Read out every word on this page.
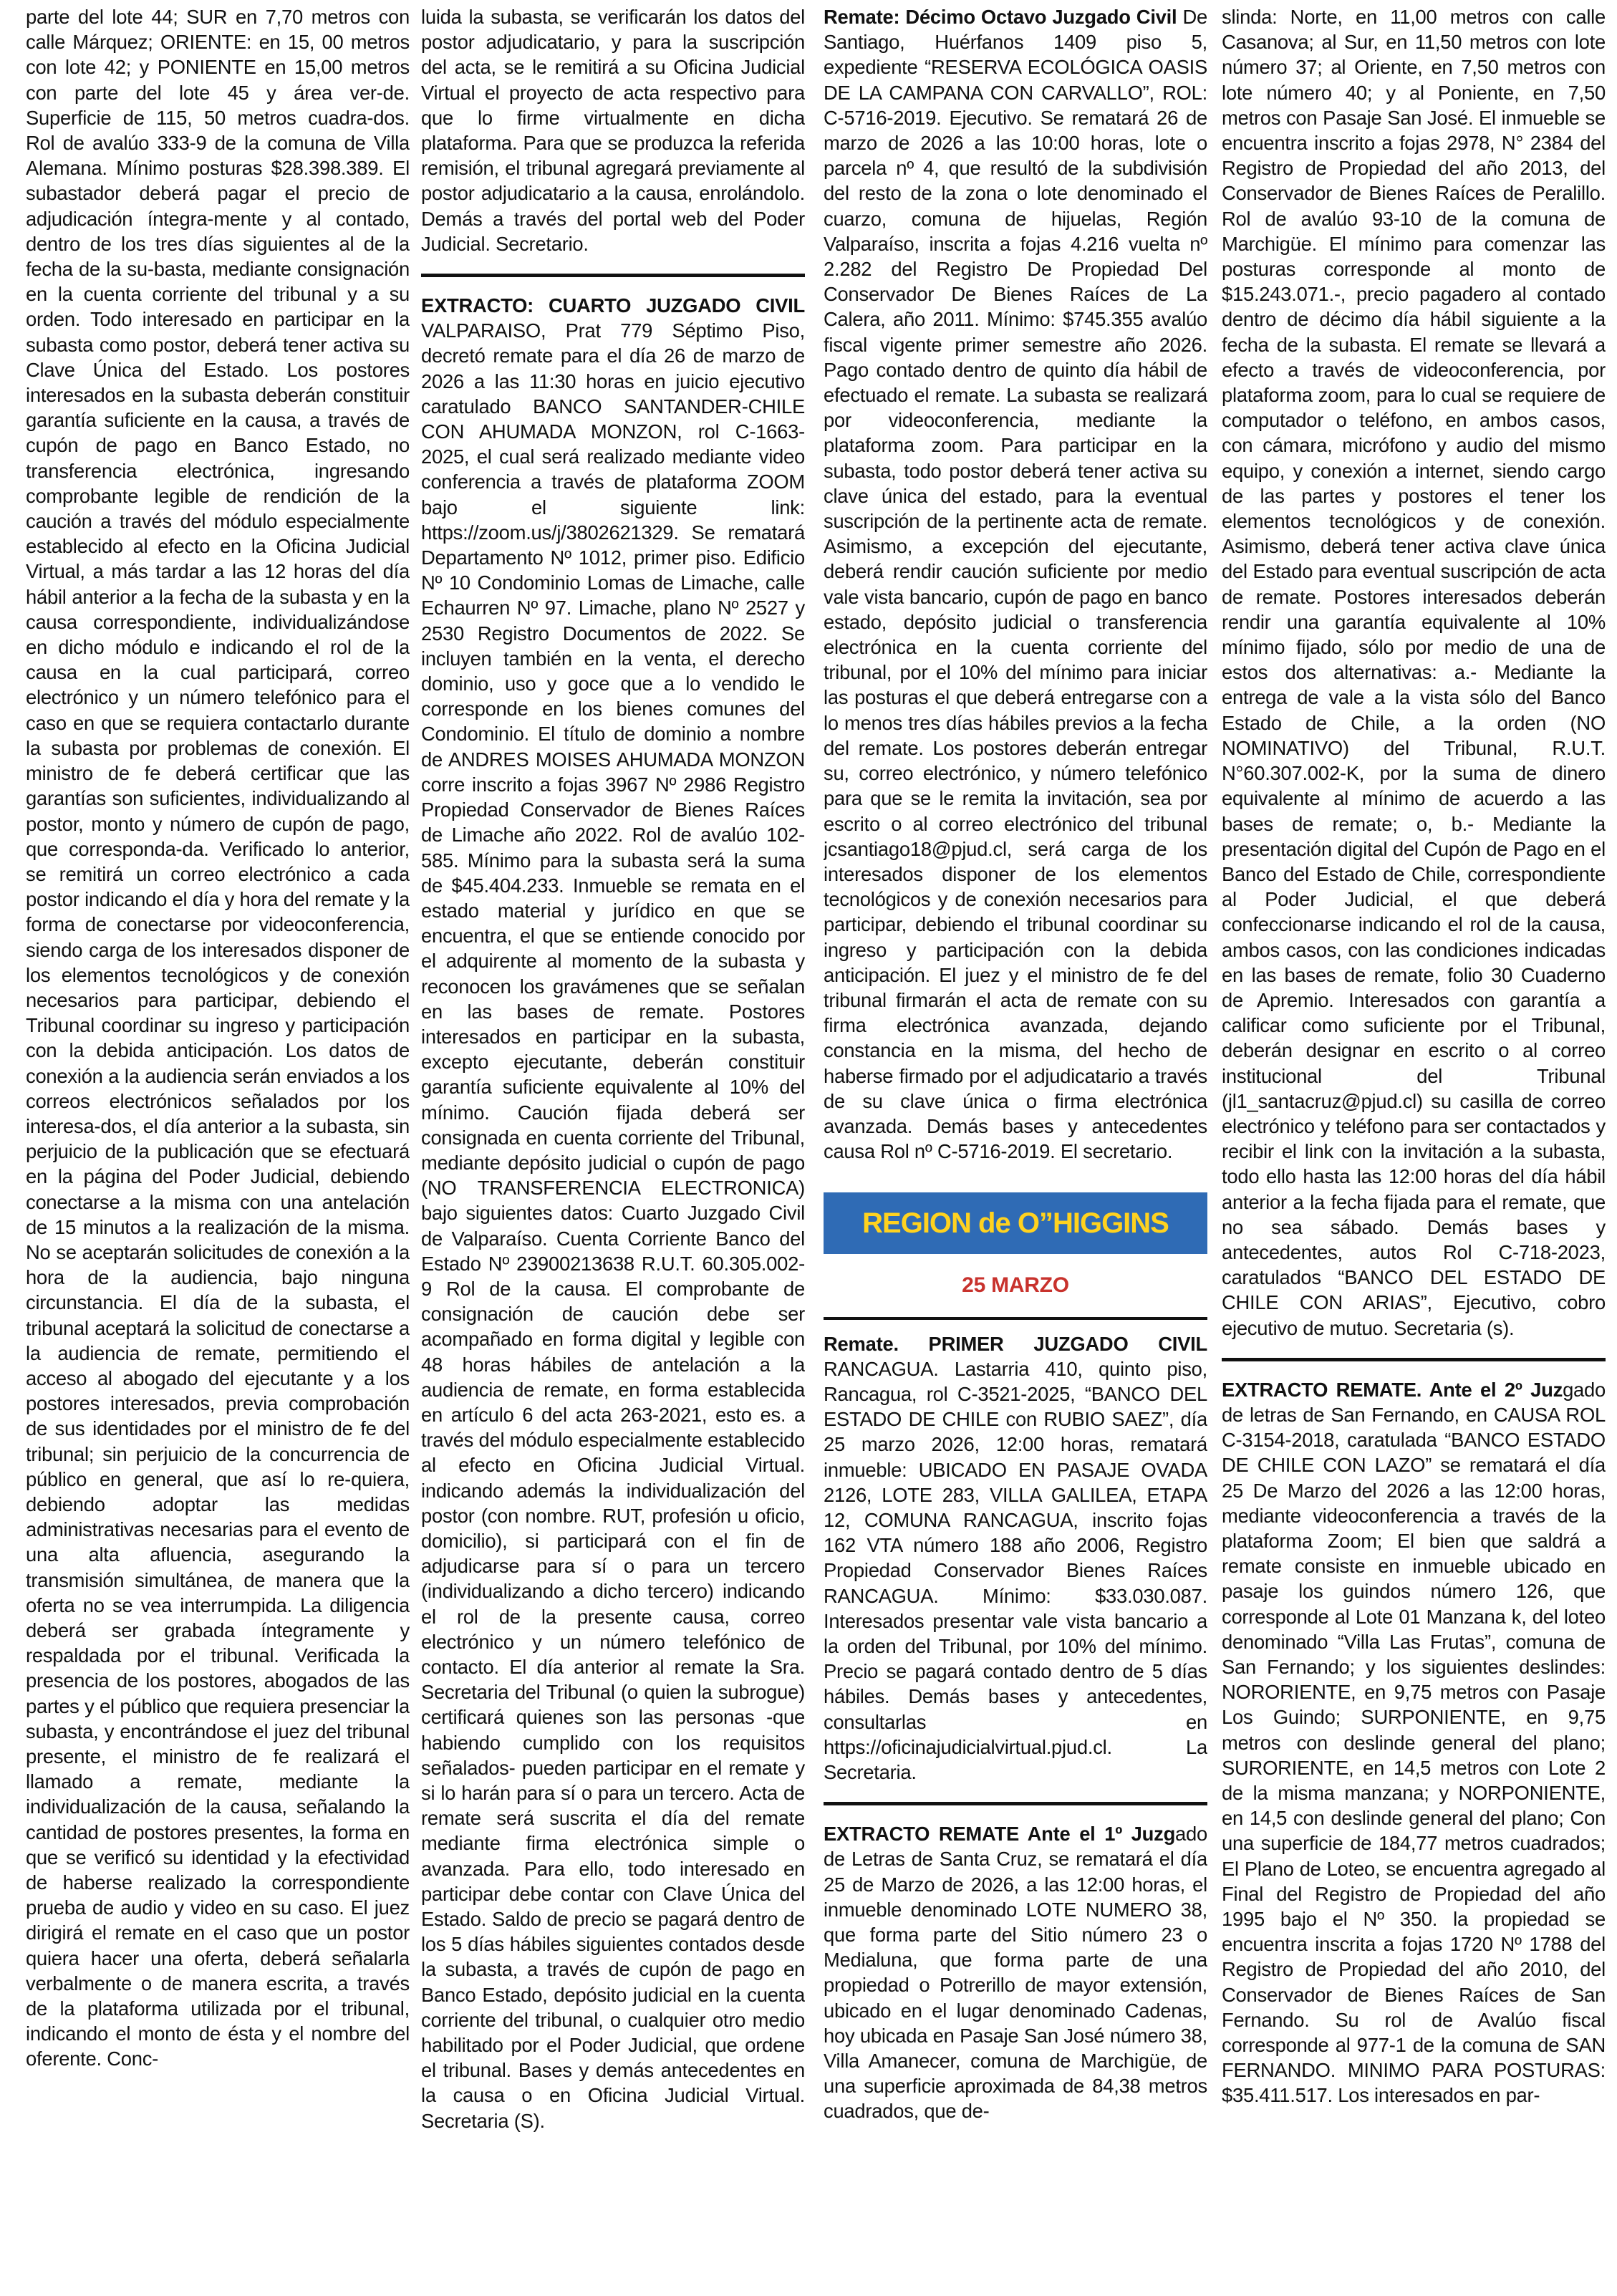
parte del lote 44; SUR en 7,70 metros con calle Márquez; ORIENTE: en 15, 00 metros con lote 42; y PONIENTE en 15,00 metros con parte del lote 45 y área ver-de. Superficie de 115, 50 metros cuadra-dos. Rol de avalúo 333-9 de la comuna de Villa Alemana. Mínimo posturas $28.398.389. El subastador deberá pagar el precio de adjudicación íntegra-mente y al contado, dentro de los tres días siguientes al de la fecha de la su-basta, mediante consignación en la cuenta corriente del tribunal y a su orden. Todo interesado en participar en la subasta como postor, deberá tener activa su Clave Única del Estado. Los postores interesados en la subasta deberán constituir garantía suficiente en la causa, a través de cupón de pago en Banco Estado, no transferencia electrónica, ingresando comprobante legible de rendición de la caución a través del módulo especialmente establecido al efecto en la Oficina Judicial Virtual, a más tardar a las 12 horas del día hábil anterior a la fecha de la subasta y en la causa correspondiente, individualizándose en dicho módulo e indicando el rol de la causa en la cual participará, correo electrónico y un número telefónico para el caso en que se requiera contactarlo durante la subasta por problemas de conexión. El ministro de fe deberá certificar que las garantías son suficientes, individualizando al postor, monto y número de cupón de pago, que corresponda-da. Verificado lo anterior, se remitirá un correo electrónico a cada postor indicando el día y hora del remate y la forma de conectarse por videoconferencia, siendo carga de los interesados disponer de los elementos tecnológicos y de conexión necesarios para participar, debiendo el Tribunal coordinar su ingreso y participación con la debida anticipación. Los datos de conexión a la audiencia serán enviados a los correos electrónicos señalados por los interesa-dos, el día anterior a la subasta, sin perjuicio de la publicación que se efectuará en la página del Poder Judicial, debiendo conectarse a la misma con una antelación de 15 minutos a la realización de la misma. No se aceptarán solicitudes de conexión a la hora de la audiencia, bajo ninguna circunstancia. El día de la subasta, el tribunal aceptará la solicitud de conectarse a la audiencia de remate, permitiendo el acceso al abogado del ejecutante y a los postores interesados, previa comprobación de sus identidades por el ministro de fe del tribunal; sin perjuicio de la concurrencia de público en general, que así lo re-quiera, debiendo adoptar las medidas administrativas necesarias para el evento de una alta afluencia, asegurando la transmisión simultánea, de manera que la oferta no se vea interrumpida. La diligencia deberá ser grabada íntegramente y respaldada por el tribunal. Verificada la presencia de los postores, abogados de las partes y el público que requiera presenciar la subasta, y encontrándose el juez del tribunal presente, el ministro de fe realizará el llamado a remate, mediante la individualización de la causa, señalando la cantidad de postores presentes, la forma en que se verificó su identidad y la efectividad de haberse realizado la correspondiente prueba de audio y video en su caso. El juez dirigirá el remate en el caso que un postor quiera hacer una oferta, deberá señalarla verbalmente o de manera escrita, a través de la plataforma utilizada por el tribunal, indicando el monto de ésta y el nombre del oferente. Conc-

luida la subasta, se verificarán los datos del postor adjudicatario, y para la suscripción del acta, se le remitirá a su Oficina Judicial Virtual el proyecto de acta respectivo para que lo firme virtualmente en dicha plataforma. Para que se produzca la referida remisión, el tribunal agregará previamente al postor adjudicatario a la causa, enrolándolo. Demás a través del portal web del Poder Judicial. Secretario.

EXTRACTO: CUARTO JUZGADO CIVIL VALPARAISO, Prat 779 Séptimo Piso, decretó remate para el día 26 de marzo de 2026 a las 11:30 horas en juicio ejecutivo caratulado BANCO SANTANDER-CHILE CON AHUMADA MONZON, rol C-1663-2025, el cual será realizado mediante video conferencia a través de plataforma ZOOM bajo el siguiente link: https://zoom.us/j/3802621329. Se rematará Departamento Nº 1012, primer piso. Edificio Nº 10 Condominio Lomas de Limache, calle Echaurren Nº 97. Limache, plano Nº 2527 y 2530 Registro Documentos de 2022. Se incluyen también en la venta, el derecho dominio, uso y goce que a lo vendido le corresponde en los bienes comunes del Condominio. El título de dominio a nombre de ANDRES MOISES AHUMADA MONZON corre inscrito a fojas 3967 Nº 2986 Registro Propiedad Conservador de Bienes Raíces de Limache año 2022. Rol de avalúo 102-585. Mínimo para la subasta será la suma de $45.404.233. Inmueble se remata en el estado material y jurídico en que se encuentra, el que se entiende conocido por el adquirente al momento de la subasta y reconocen los gravámenes que se señalan en las bases de remate. Postores interesados en participar en la subasta, excepto ejecutante, deberán constituir garantía suficiente equivalente al 10% del mínimo. Caución fijada deberá ser consignada en cuenta corriente del Tribunal, mediante depósito judicial o cupón de pago (NO TRANSFERENCIA ELECTRONICA) bajo siguientes datos: Cuarto Juzgado Civil de Valparaíso. Cuenta Corriente Banco del Estado Nº 23900213638 R.U.T. 60.305.002-9 Rol de la causa. El comprobante de consignación de caución debe ser acompañado en forma digital y legible con 48 horas hábiles de antelación a la audiencia de remate, en forma establecida en artículo 6 del acta 263-2021, esto es. a través del módulo especialmente establecido al efecto en Oficina Judicial Virtual. indicando además la individualización del postor (con nombre. RUT, profesión u oficio, domicilio), si participará con el fin de adjudicarse para sí o para un tercero (individualizando a dicho tercero) indicando el rol de la presente causa, correo electrónico y un número telefónico de contacto. El día anterior al remate la Sra. Secretaria del Tribunal (o quien la subrogue) certificará quienes son las personas -que habiendo cumplido con los requisitos señalados- pueden participar en el remate y si lo harán para sí o para un tercero. Acta de remate será suscrita el día del remate mediante firma electrónica simple o avanzada. Para ello, todo interesado en participar debe contar con Clave Única del Estado. Saldo de precio se pagará dentro de los 5 días hábiles siguientes contados desde la subasta, a través de cupón de pago en Banco Estado, depósito judicial en la cuenta corriente del tribunal, o cualquier otro medio habilitado por el Poder Judicial, que ordene el tribunal. Bases y demás antecedentes en la causa o en Oficina Judicial Virtual. Secretaria (S).

Remate: Décimo Octavo Juzgado Civil De Santiago, Huérfanos 1409 piso 5, expediente “RESERVA ECOLÓGICA OASIS DE LA CAMPANA CON CARVALLO”, ROL: C-5716-2019. Ejecutivo. Se rematará 26 de marzo de 2026 a las 10:00 horas, lote o parcela nº 4, que resultó de la subdivisión del resto de la zona o lote denominado el cuarzo, comuna de hijuelas, Región Valparaíso, inscrita a fojas 4.216 vuelta nº 2.282 del Registro De Propiedad Del Conservador De Bienes Raíces de La Calera, año 2011. Mínimo: $745.355 avalúo fiscal vigente primer semestre año 2026. Pago contado dentro de quinto día hábil de efectuado el remate. La subasta se realizará por videoconferencia, mediante la plataforma zoom. Para participar en la subasta, todo postor deberá tener activa su clave única del estado, para la eventual suscripción de la pertinente acta de remate. Asimismo, a excepción del ejecutante, deberá rendir caución suficiente por medio vale vista bancario, cupón de pago en banco estado, depósito judicial o transferencia electrónica en la cuenta corriente del tribunal, por el 10% del mínimo para iniciar las posturas el que deberá entregarse con a lo menos tres días hábiles previos a la fecha del remate. Los postores deberán entregar su, correo electrónico, y número telefónico para que se le remita la invitación, sea por escrito o al correo electrónico del tribunal jcsantiago18@pjud.cl, será carga de los interesados disponer de los elementos tecnológicos y de conexión necesarios para participar, debiendo el tribunal coordinar su ingreso y participación con la debida anticipación. El juez y el ministro de fe del tribunal firmarán el acta de remate con su firma electrónica avanzada, dejando constancia en la misma, del hecho de haberse firmado por el adjudicatario a través de su clave única o firma electrónica avanzada. Demás bases y antecedentes causa Rol nº C-5716-2019. El secretario.

REGION de O”HIGGINS
25 MARZO

Remate. PRIMER JUZGADO CIVIL RANCAGUA. Lastarria 410, quinto piso, Rancagua, rol C-3521-2025, “BANCO DEL ESTADO DE CHILE con RUBIO SAEZ”, día 25 marzo 2026, 12:00 horas, rematará inmueble: UBICADO EN PASAJE OVADA 2126, LOTE 283, VILLA GALILEA, ETAPA 12, COMUNA RANCAGUA, inscrito fojas 162 VTA número 188 año 2006, Registro Propiedad Conservador Bienes Raíces RANCAGUA. Mínimo: $33.030.087. Interesados presentar vale vista bancario a la orden del Tribunal, por 10% del mínimo. Precio se pagará contado dentro de 5 días hábiles. Demás bases y antecedentes, consultarlas en https://oficinajudicialvirtual.pjud.cl. La Secretaria.

EXTRACTO REMATE Ante el 1º Juzgado de Letras de Santa Cruz, se rematará el día 25 de Marzo de 2026, a las 12:00 horas, el inmueble denominado LOTE NUMERO 38, que forma parte del Sitio número 23 o Medialuna, que forma parte de una propiedad o Potrerillo de mayor extensión, ubicado en el lugar denominado Cadenas, hoy ubicada en Pasaje San José número 38, Villa Amanecer, comuna de Marchigüe, de una superficie aproximada de 84,38 metros cuadrados, que de-

slinda: Norte, en 11,00 metros con calle Casanova; al Sur, en 11,50 metros con lote número 37; al Oriente, en 7,50 metros con lote número 40; y al Poniente, en 7,50 metros con Pasaje San José. El inmueble se encuentra inscrito a fojas 2978, N° 2384 del Registro de Propiedad del año 2013, del Conservador de Bienes Raíces de Peralillo. Rol de avalúo 93-10 de la comuna de Marchigüe. El mínimo para comenzar las posturas corresponde al monto de $15.243.071.-, precio pagadero al contado dentro de décimo día hábil siguiente a la fecha de la subasta. El remate se llevará a efecto a través de videoconferencia, por plataforma zoom, para lo cual se requiere de computador o teléfono, en ambos casos, con cámara, micrófono y audio del mismo equipo, y conexión a internet, siendo cargo de las partes y postores el tener los elementos tecnológicos y de conexión. Asimismo, deberá tener activa clave única del Estado para eventual suscripción de acta de remate. Postores interesados deberán rendir una garantía equivalente al 10% mínimo fijado, sólo por medio de una de estos dos alternativas: a.- Mediante la entrega de vale a la vista sólo del Banco Estado de Chile, a la orden (NO NOMINATIVO) del Tribunal, R.U.T. N°60.307.002-K, por la suma de dinero equivalente al mínimo de acuerdo a las bases de remate; o, b.- Mediante la presentación digital del Cupón de Pago en el Banco del Estado de Chile, correspondiente al Poder Judicial, el que deberá confeccionarse indicando el rol de la causa, ambos casos, con las condiciones indicadas en las bases de remate, folio 30 Cuaderno de Apremio. Interesados con garantía a calificar como suficiente por el Tribunal, deberán designar en escrito o al correo institucional del Tribunal (jl1_santacruz@pjud.cl) su casilla de correo electrónico y teléfono para ser contactados y recibir el link con la invitación a la subasta, todo ello hasta las 12:00 horas del día hábil anterior a la fecha fijada para el remate, que no sea sábado. Demás bases y antecedentes, autos Rol C-718-2023, caratulados “BANCO DEL ESTADO DE CHILE CON ARIAS”, Ejecutivo, cobro ejecutivo de mutuo. Secretaria (s).

EXTRACTO REMATE. Ante el 2º Juzgado de letras de San Fernando, en CAUSA ROL C-3154-2018, caratulada “BANCO ESTADO DE CHILE CON LAZO” se rematará el día 25 De Marzo del 2026 a las 12:00 horas, mediante videoconferencia a través de la plataforma Zoom; El bien que saldrá a remate consiste en inmueble ubicado en pasaje los guindos número 126, que corresponde al Lote 01 Manzana k, del loteo denominado “Villa Las Frutas”, comuna de San Fernando; y los siguientes deslindes: NORORIENTE, en 9,75 metros con Pasaje Los Guindo; SURPONIENTE, en 9,75 metros con deslinde general del plano; SURORIENTE, en 14,5 metros con Lote 2 de la misma manzana; y NORPONIENTE, en 14,5 con deslinde general del plano; Con una superficie de 184,77 metros cuadrados; El Plano de Loteo, se encuentra agregado al Final del Registro de Propiedad del año 1995 bajo el Nº 350. la propiedad se encuentra inscrita a fojas 1720 Nº 1788 del Registro de Propiedad del año 2010, del Conservador de Bienes Raíces de San Fernando. Su rol de Avalúo fiscal corresponde al 977-1 de la comuna de SAN FERNANDO. MINIMO PARA POSTURAS: $35.411.517. Los interesados en par-
